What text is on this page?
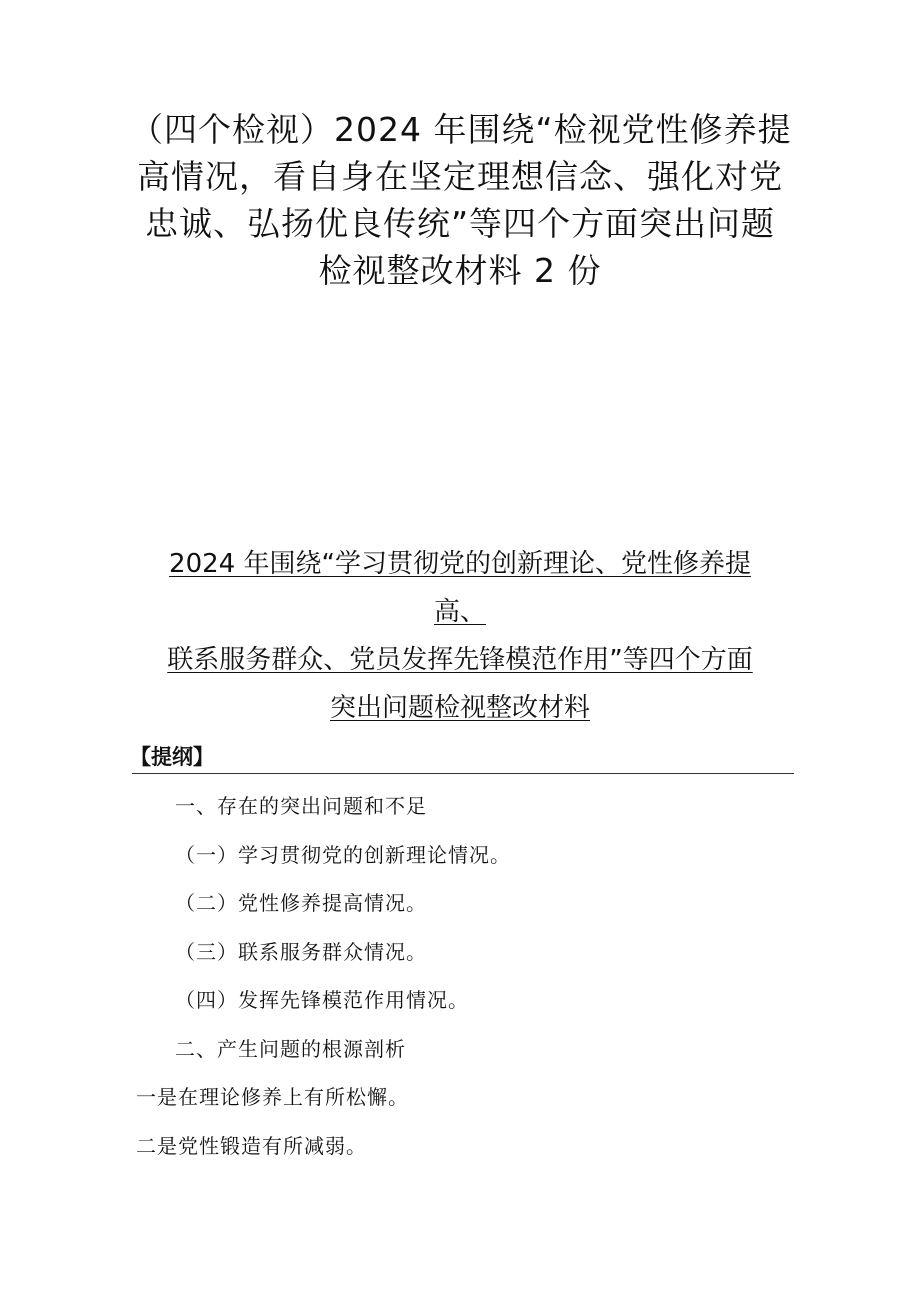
（四个检视）2024 年围绕“检视党性修养提
高情况，看自身在坚定理想信念、强化对党
忠诚、弘扬优良传统”等四个方面突出问题
检视整改材料 2 份
2024 年围绕“学习贯彻党的创新理论、党性修养提
高、
联系服务群众、党员发挥先锋模范作用”等四个方面
突出问题检视整改材料

【提纲】

一、存在的突出问题和不足

（一）学习贯彻党的创新理论情况。

（二）党性修养提高情况。

（三）联系服务群众情况。

（四）发挥先锋模范作用情况。

二、产生问题的根源剖析

一是在理论修养上有所松懈。

二是党性锻造有所减弱。
